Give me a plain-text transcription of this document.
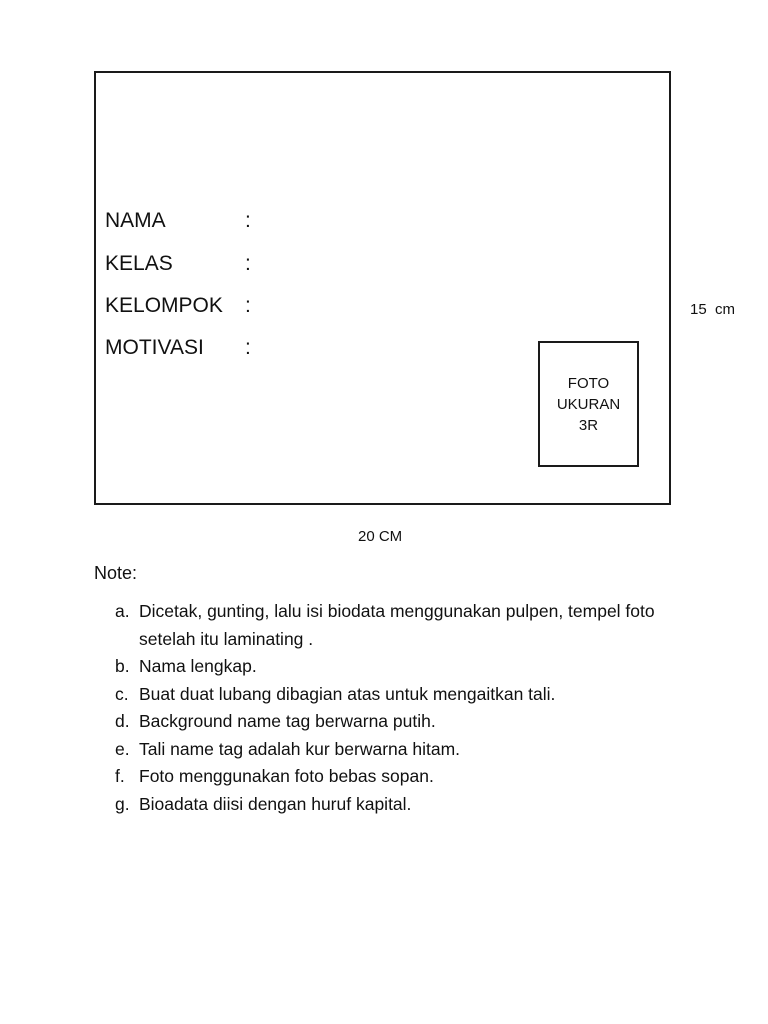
NAMA	:
KELAS	:
KELOMPOK :
MOTIVASI :
FOTO
UKURAN
3R
15  cm
20 CM
Note:
a. Dicetak, gunting, lalu isi biodata menggunakan pulpen, tempel foto setelah itu laminating .
b. Nama lengkap.
c. Buat duat lubang dibagian atas untuk mengaitkan tali.
d. Background name tag berwarna putih.
e. Tali name tag adalah kur berwarna hitam.
f. Foto menggunakan foto bebas sopan.
g. Bioadata diisi dengan huruf kapital.
